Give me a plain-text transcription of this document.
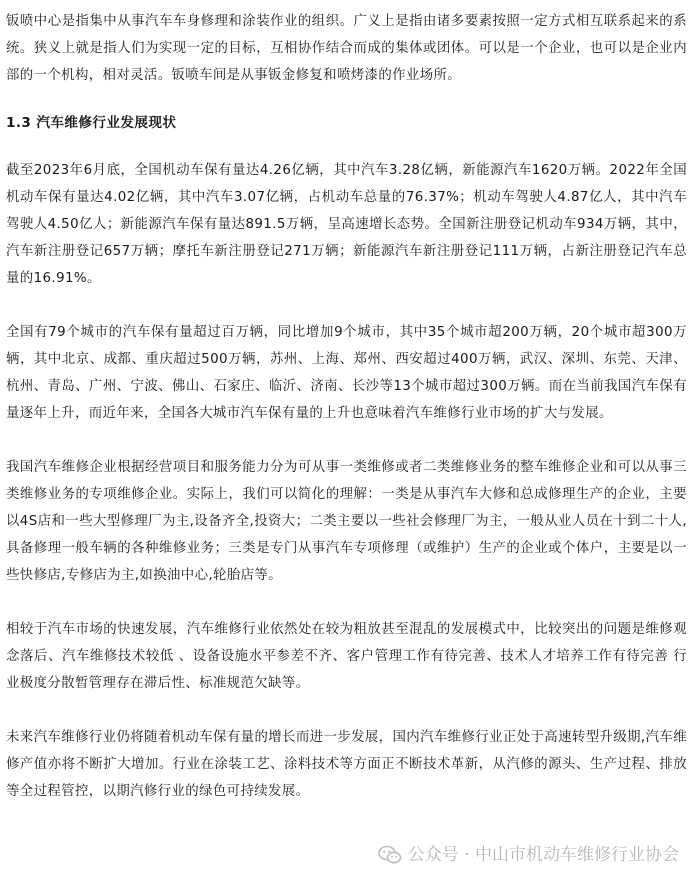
钣喷中心是指集中从事汽车车身修理和涂装作业的组织。广义上是指由诸多要素按照一定方式相互联系起来的系统。狭义上就是指人们为实现一定的目标，互相协作结合而成的集体或团体。可以是一个企业，也可以是企业内部的一个机构，相对灵活。钣喷车间是从事钣金修复和喷烤漆的作业场所。

1.3 汽车维修行业发展现状

截至2023年6月底，全国机动车保有量达4.26亿辆，其中汽车3.28亿辆，新能源汽车1620万辆。2022年全国机动车保有量达4.02亿辆，其中汽车3.07亿辆，占机动车总量的76.37%；机动车驾驶人4.87亿人，其中汽车驾驶人4.50亿人；新能源汽车保有量达891.5万辆，呈高速增长态势。全国新注册登记机动车934万辆，其中，汽车新注册登记657万辆；摩托车新注册登记271万辆；新能源汽车新注册登记111万辆，占新注册登记汽车总量的16.91%。

全国有79个城市的汽车保有量超过百万辆，同比增加9个城市，其中35个城市超200万辆，20个城市超300万辆，其中北京、成都、重庆超过500万辆，苏州、上海、郑州、西安超过400万辆，武汉、深圳、东莞、天津、杭州、青岛、广州、宁波、佛山、石家庄、临沂、济南、长沙等13个城市超过300万辆。而在当前我国汽车保有量逐年上升，而近年来，全国各大城市汽车保有量的上升也意味着汽车维修行业市场的扩大与发展。

我国汽车维修企业根据经营项目和服务能力分为可从事一类维修或者二类维修业务的整车维修企业和可以从事三类维修业务的专项维修企业。实际上，我们可以简化的理解：一类是从事汽车大修和总成修理生产的企业，主要以4S店和一些大型修理厂为主,设备齐全,投资大；二类主要以一些社会修理厂为主，一般从业人员在十到二十人,具备修理一般车辆的各种维修业务；三类是专门从事汽车专项修理（或维护）生产的企业或个体户，主要是以一些快修店,专修店为主,如换油中心,轮胎店等。

相较于汽车市场的快速发展，汽车维修行业依然处在较为粗放甚至混乱的发展模式中，比较突出的问题是维修观念落后、汽车维修技术较低 、设备设施水平参差不齐、客户管理工作有待完善、技术人才培养工作有待完善 行业极度分散暂管理存在滞后性、标准规范欠缺等。

未来汽车维修行业仍将随着机动车保有量的增长而进一步发展，国内汽车维修行业正处于高速转型升级期,汽车维修产值亦将不断扩大增加。行业在涂装工艺、涂料技术等方面正不断技术革新，从汽修的源头、生产过程、排放等全过程管控，以期汽修行业的绿色可持续发展。

公众号 · 中山市机动车维修行业协会
